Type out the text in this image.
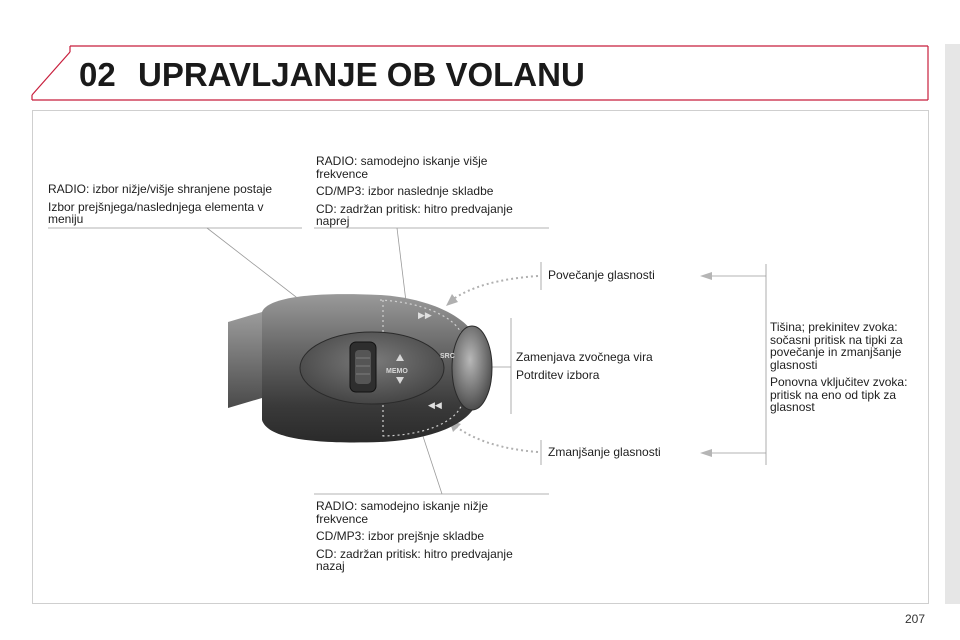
02 UPRAVLJANJE OB VOLANU
MEMO
▶▶
◀◀
SRC

RADIO: izbor nižje/višje shranjene postaje

Izbor prejšnjega/naslednjega elementa v meniju

RADIO: samodejno iskanje višje frekvence

CD/MP3: izbor naslednje skladbe

CD: zadržan pritisk: hitro predvajanje naprej

Povečanje glasnosti

Zamenjava zvočnega vira

Potrditev izbora

Tišina; prekinitev zvoka: sočasni pritisk na tipki za povečanje in zmanjšanje glasnosti

Ponovna vključitev zvoka: pritisk na eno od tipk za glasnost

Zmanjšanje glasnosti

RADIO: samodejno iskanje nižje frekvence

CD/MP3: izbor prejšnje skladbe

CD: zadržan pritisk: hitro predvajanje nazaj

207
